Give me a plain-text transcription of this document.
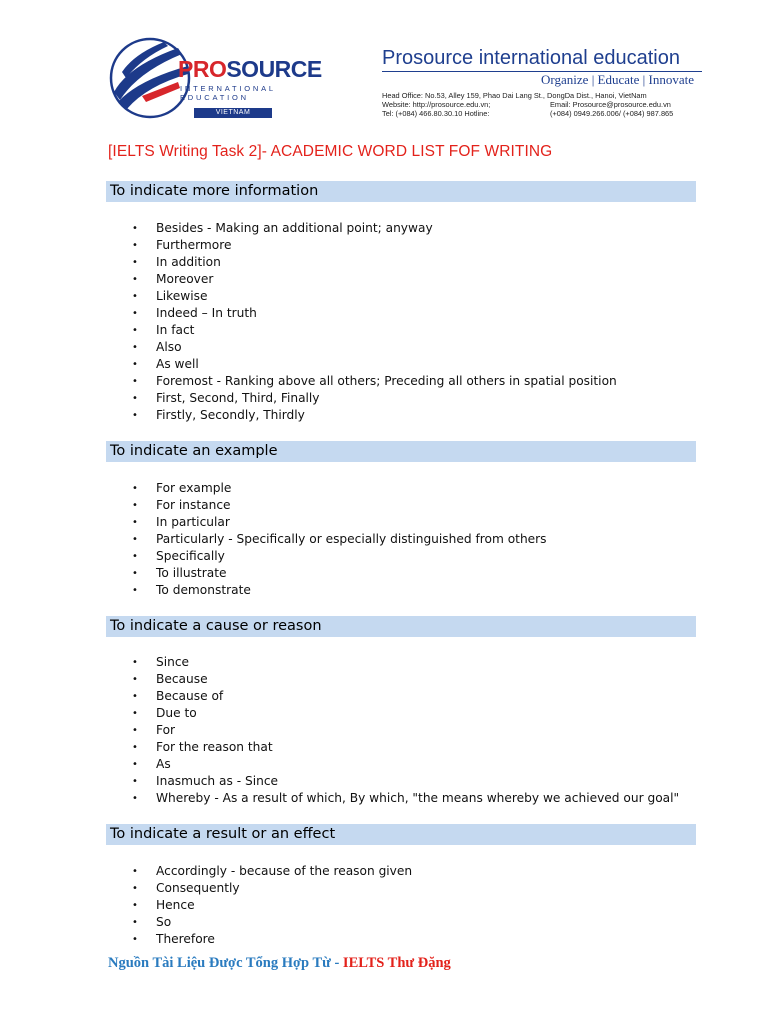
PROSOURCE
INTERNATIONAL
EDUCATION
VIETNAM
Prosource international education
Organize | Educate | Innovate
Head Office: No.53, Alley 159, Phao Dai Lang St., DongDa Dist., Hanoi, VietNam
Website: http://prosource.edu.vn;	Email: Prosource@prosource.edu.vn
Tel: (+084) 466.80.30.10 Hotline:	(+084) 0949.266.006/ (+084) 987.865
[IELTS Writing Task 2]- ACADEMIC WORD LIST FOF WRITING
To indicate more information
• Besides - Making an additional point; anyway
• Furthermore
• In addition
• Moreover
• Likewise
• Indeed – In truth
• In fact
• Also
• As well
• Foremost - Ranking above all others; Preceding all others in spatial position
• First, Second, Third, Finally
• Firstly, Secondly, Thirdly
To indicate an example
• For example
• For instance
• In particular
• Particularly - Specifically or especially distinguished from others
• Specifically
• To illustrate
• To demonstrate
To indicate a cause or reason
• Since
• Because
• Because of
• Due to
• For
• For the reason that
• As
• Inasmuch as - Since
• Whereby - As a result of which, By which, "the means whereby we achieved our goal"
To indicate a result or an effect
• Accordingly - because of the reason given
• Consequently
• Hence
• So
• Therefore
Nguồn Tài Liệu Được Tổng Hợp Từ - IELTS Thư Đặng
